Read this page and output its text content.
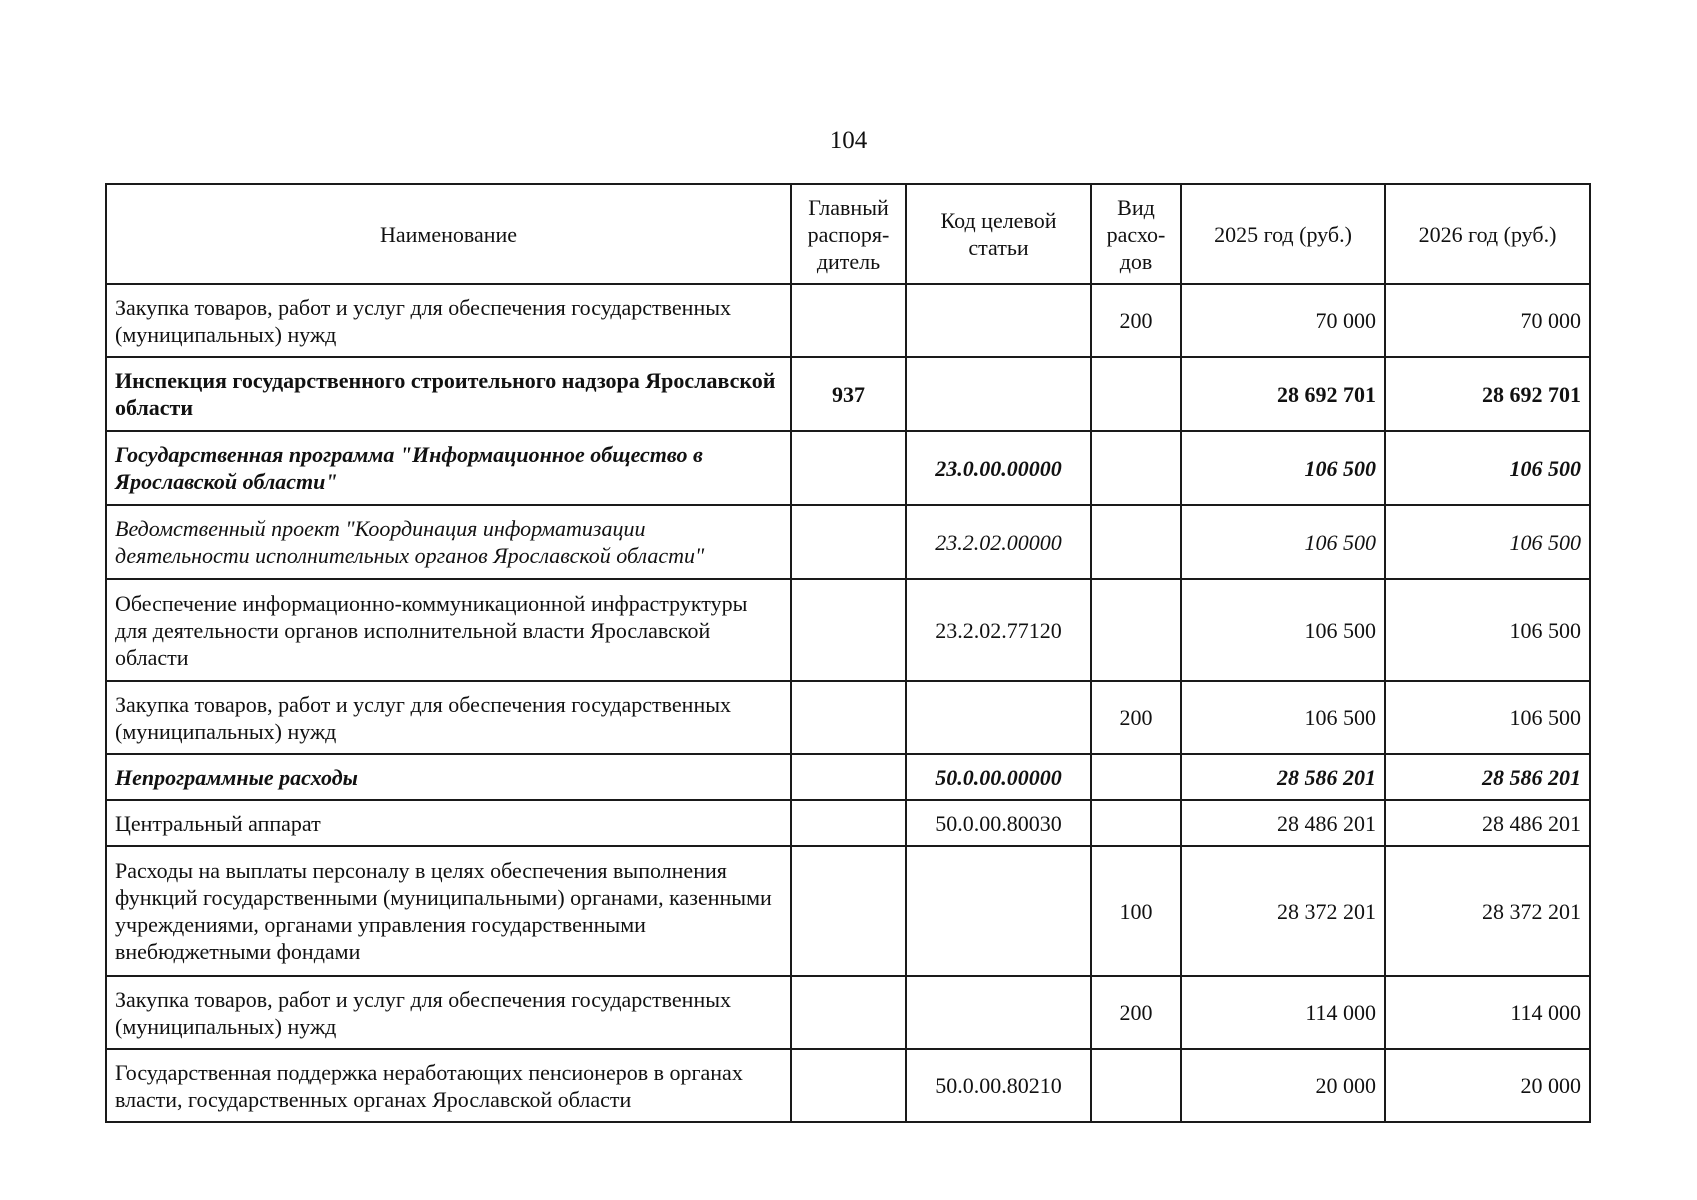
104
Наименование	Главный распоря-дитель	Код целевой статьи	Вид расхо-дов	2025 год (руб.)	2026 год (руб.)
Закупка товаров, работ и услуг для обеспечения государственных (муниципальных) нужд			200	70 000	70 000
Инспекция государственного строительного надзора Ярославской области	937			28 692 701	28 692 701
Государственная программа "Информационное общество в Ярославской области"		23.0.00.00000		106 500	106 500
Ведомственный проект "Координация информатизации деятельности исполнительных органов Ярославской области"		23.2.02.00000		106 500	106 500
Обеспечение информационно-коммуникационной инфраструктуры для деятельности органов исполнительной власти Ярославской области		23.2.02.77120		106 500	106 500
Закупка товаров, работ и услуг для обеспечения государственных (муниципальных) нужд			200	106 500	106 500
Непрограммные расходы		50.0.00.00000		28 586 201	28 586 201
Центральный аппарат		50.0.00.80030		28 486 201	28 486 201
Расходы на выплаты персоналу в целях обеспечения выполнения функций государственными (муниципальными) органами, казенными учреждениями, органами управления государственными внебюджетными фондами			100	28 372 201	28 372 201
Закупка товаров, работ и услуг для обеспечения государственных (муниципальных) нужд			200	114 000	114 000
Государственная поддержка неработающих пенсионеров в органах власти, государственных органах Ярославской области		50.0.00.80210		20 000	20 000
